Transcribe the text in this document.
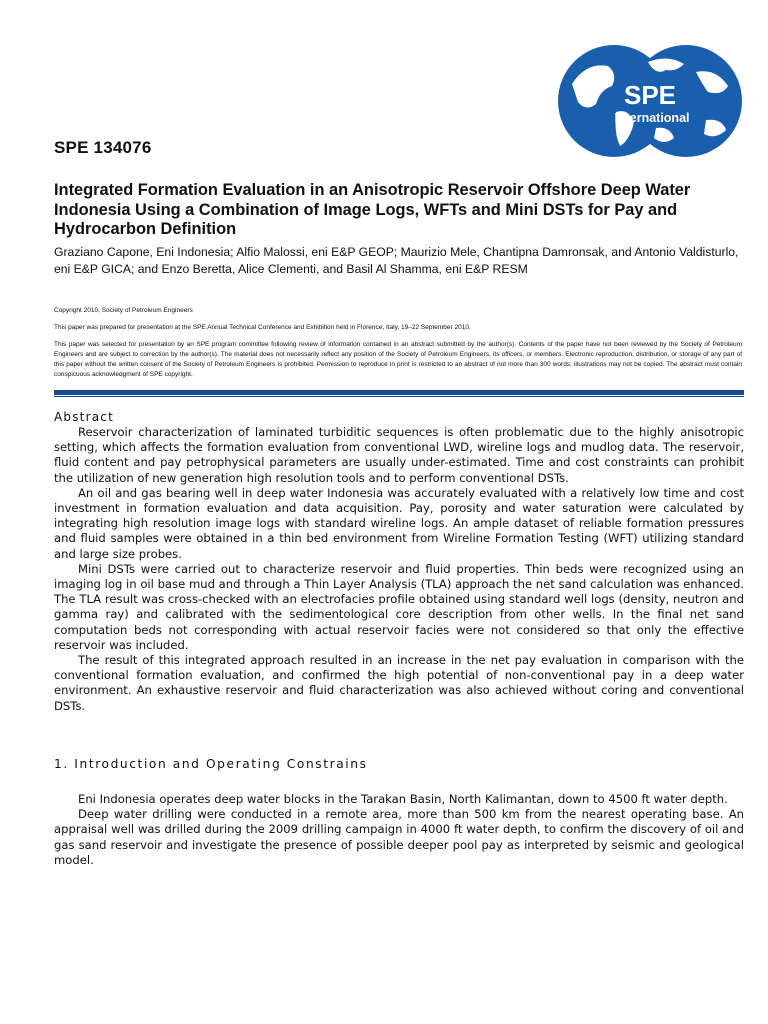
SPE
International
SPE 134076
Integrated Formation Evaluation in an Anisotropic Reservoir Offshore Deep Water Indonesia Using a Combination of Image Logs, WFTs and Mini DSTs for Pay and Hydrocarbon Definition

Graziano Capone, Eni Indonesia; Alfio Malossi, eni E&P GEOP; Maurizio Mele, Chantipna Damronsak, and Antonio Valdisturlo, eni E&P GICA; and Enzo Beretta, Alice Clementi, and Basil Al Shamma, eni E&P RESM

Copyright 2010, Society of Petroleum Engineers

This paper was prepared for presentation at the SPE Annual Technical Conference and Exhibition held in Florence, Italy, 19–22 September 2010.

This paper was selected for presentation by an SPE program committee following review of information contained in an abstract submitted by the author(s). Contents of the paper have not been reviewed by the Society of Petroleum Engineers and are subject to correction by the author(s). The material does not necessarily reflect any position of the Society of Petroleum Engineers, its officers, or members. Electronic reproduction, distribution, or storage of any part of this paper without the written consent of the Society of Petroleum Engineers is prohibited. Permission to reproduce in print is restricted to an abstract of not more than 300 words; illustrations may not be copied. The abstract must contain conspicuous acknowledgment of SPE copyright.

Abstract

Reservoir characterization of laminated turbiditic sequences is often problematic due to the highly anisotropic setting, which affects the formation evaluation from conventional LWD, wireline logs and mudlog data. The reservoir, fluid content and pay petrophysical parameters are usually under-estimated. Time and cost constraints can prohibit the utilization of new generation high resolution tools and to perform conventional DSTs.

An oil and gas bearing well in deep water Indonesia was accurately evaluated with a relatively low time and cost investment in formation evaluation and data acquisition. Pay, porosity and water saturation were calculated by integrating high resolution image logs with standard wireline logs. An ample dataset of reliable formation pressures and fluid samples were obtained in a thin bed environment from Wireline Formation Testing (WFT) utilizing standard and large size probes.

Mini DSTs were carried out to characterize reservoir and fluid properties. Thin beds were recognized using an imaging log in oil base mud and through a Thin Layer Analysis (TLA) approach the net sand calculation was enhanced. The TLA result was cross-checked with an electrofacies profile obtained using standard well logs (density, neutron and gamma ray) and calibrated with the sedimentological core description from other wells. In the final net sand computation beds not corresponding with actual reservoir facies were not considered so that only the effective reservoir was included.

The result of this integrated approach resulted in an increase in the net pay evaluation in comparison with the conventional formation evaluation, and confirmed the high potential of non-conventional pay in a deep water environment. An exhaustive reservoir and fluid characterization was also achieved without coring and conventional DSTs.

1. Introduction and Operating Constrains

Eni Indonesia operates deep water blocks in the Tarakan Basin, North Kalimantan, down to 4500 ft water depth.

Deep water drilling were conducted in a remote area, more than 500 km from the nearest operating base. An appraisal well was drilled during the 2009 drilling campaign in 4000 ft water depth, to confirm the discovery of oil and gas sand reservoir and investigate the presence of possible deeper pool pay as interpreted by seismic and geological model.
